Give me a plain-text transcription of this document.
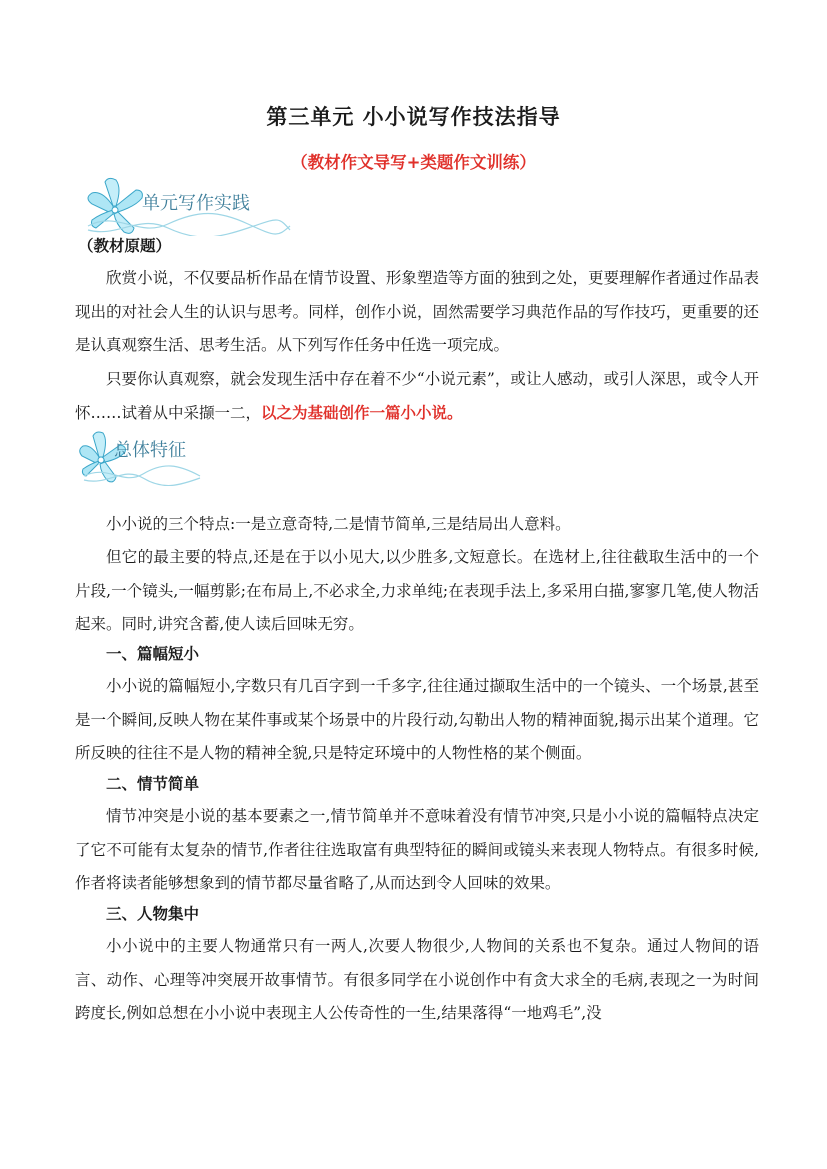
第三单元 小小说写作技法指导
（教材作文导写+类题作文训练）
单元写作实践
（教材原题）

欣赏小说，不仅要品析作品在情节设置、形象塑造等方面的独到之处，更要理解作者通过作品表现出的对社会人生的认识与思考。同样，创作小说，固然需要学习典范作品的写作技巧，更重要的还是认真观察生活、思考生活。从下列写作任务中任选一项完成。

只要你认真观察，就会发现生活中存在着不少“小说元素”，或让人感动，或引人深思，或令人开怀……试着从中采撷一二，以之为基础创作一篇小小说。

总体特征

小小说的三个特点:一是立意奇特,二是情节简单,三是结局出人意料。

但它的最主要的特点,还是在于以小见大,以少胜多,文短意长。在选材上,往往截取生活中的一个片段,一个镜头,一幅剪影;在布局上,不必求全,力求单纯;在表现手法上,多采用白描,寥寥几笔,使人物活起来。同时,讲究含蓄,使人读后回味无穷。

一、篇幅短小

小小说的篇幅短小,字数只有几百字到一千多字,往往通过撷取生活中的一个镜头、一个场景,甚至是一个瞬间,反映人物在某件事或某个场景中的片段行动,勾勒出人物的精神面貌,揭示出某个道理。它所反映的往往不是人物的精神全貌,只是特定环境中的人物性格的某个侧面。

二、情节简单

情节冲突是小说的基本要素之一,情节简单并不意味着没有情节冲突,只是小小说的篇幅特点决定了它不可能有太复杂的情节,作者往往选取富有典型特征的瞬间或镜头来表现人物特点。有很多时候,作者将读者能够想象到的情节都尽量省略了,从而达到令人回味的效果。

三、人物集中

小小说中的主要人物通常只有一两人,次要人物很少,人物间的关系也不复杂。通过人物间的语言、动作、心理等冲突展开故事情节。有很多同学在小说创作中有贪大求全的毛病,表现之一为时间跨度长,例如总想在小小说中表现主人公传奇性的一生,结果落得“一地鸡毛”,没
